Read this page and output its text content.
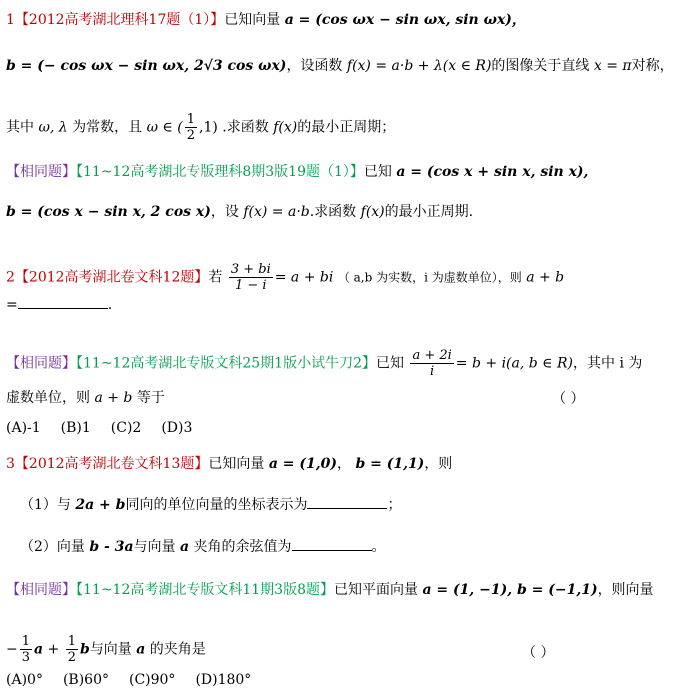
1【2012高考湖北理科17题（1）】已知向量 a = (cos ωx − sin ωx, sin ωx)，
b = (− cos ωx − sin ωx, 2√3 cos ωx)，设函数 f(x) = a·b + λ(x ∈ R)的图像关于直线 x = π对称，
其中 ω, λ 为常数，且 ω ∈ ( $\frac{1}{2} ,1$) .求函数 f(x)的最小正周期；
【相同题】【11~12高考湖北专版理科8期3版19题（1）】已知 a = (cos x + sin x, sin x),
b = (cos x − sin x, 2 cos x)，设 f(x) = a·b.求函数 f(x)的最小正周期.
2【2012高考湖北卷文科12题】若 $\frac{3 + bi}{1 - i} = a$ + bi （ a,b 为实数，i 为虚数单位），则 a + b
=	.
【相同题】【11~12高考湖北专版文科25期1版小试牛刀2】已知 $\frac{a + 2i}{i} = b + i(a$, b ∈ R)，其中 i 为
虚数单位，则 a + b 等于	（ ）
(A)-1 (B)1 (C)2 (D)3
3【2012高考湖北卷文科13题】已知向量 a = (1,0)， b = (1,1)，则
（1）与 2a + b同向的单位向量的坐标表示为	；
（2）向量 b - 3a与向量 a 夹角的余弦值为	。
【相同题】【11~12高考湖北专版文科11期3版8题】已知平面向量 a = (1, −1), b = (−1,1)，则向量
− $\frac{1}{3}$ $a + \frac{1}{2}$ b与向量 a 的夹角是	（ ）
(A)0° (B)60° (C)90° (D)180°
